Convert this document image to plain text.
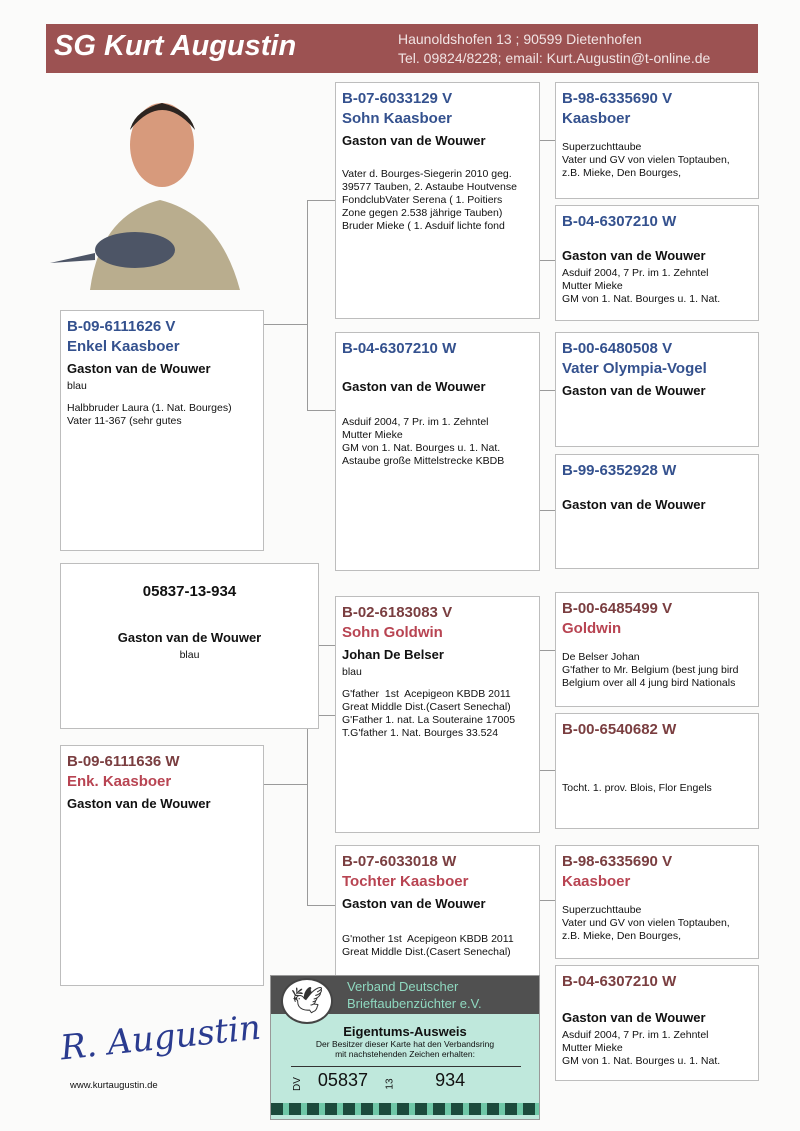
SG Kurt Augustin	Haunoldshofen 13 ; 90599 Dietenhofen
Tel. 09824/8228; email: Kurt.Augustin@t-online.de
B-09-6111626 V
Enkel Kaasboer
Gaston van de Wouwer
blau
Halbbruder Laura (1. Nat. Bourges)
Vater 11-367 (sehr gutes
05837-13-934
Gaston van de Wouwer
blau
B-09-6111636 W
Enk. Kaasboer
Gaston van de Wouwer
B-07-6033129 V
Sohn Kaasboer
Gaston van de Wouwer
Vater d. Bourges-Siegerin 2010 geg.
39577 Tauben, 2. Astaube Houtvense
FondclubVater Serena ( 1. Poitiers
Zone gegen 2.538 jährige Tauben)
Bruder Mieke ( 1. Asduif lichte fond
B-04-6307210 W
Gaston van de Wouwer
Asduif 2004, 7 Pr. im 1. Zehntel
Mutter Mieke
GM von 1. Nat. Bourges u. 1. Nat.
Astaube große Mittelstrecke KBDB
B-02-6183083 V
Sohn Goldwin
Johan De Belser
blau
G'father  1st  Acepigeon KBDB 2011
Great Middle Dist.(Casert Senechal)
G'Father 1. nat. La Souteraine 17005
T.G'father 1. Nat. Bourges 33.524
B-07-6033018 W
Tochter Kaasboer
Gaston van de Wouwer
G'mother 1st  Acepigeon KBDB 2011
Great Middle Dist.(Casert Senechal)
B-98-6335690 V
Kaasboer
Superzuchttaube
Vater und GV von vielen Toptauben,
z.B. Mieke, Den Bourges,
B-04-6307210 W
Gaston van de Wouwer
Asduif 2004, 7 Pr. im 1. Zehntel
Mutter Mieke
GM von 1. Nat. Bourges u. 1. Nat.
B-00-6480508 V
Vater Olympia-Vogel
Gaston van de Wouwer
B-99-6352928 W
Gaston van de Wouwer
B-00-6485499 V
Goldwin
De Belser Johan
G'father to Mr. Belgium (best jung bird
Belgium over all 4 jung bird Nationals
B-00-6540682 W
Tocht. 1. prov. Blois, Flor Engels
B-98-6335690 V
Kaasboer
Superzuchttaube
Vater und GV von vielen Toptauben,
z.B. Mieke, Den Bourges,
B-04-6307210 W
Gaston van de Wouwer
Asduif 2004, 7 Pr. im 1. Zehntel
Mutter Mieke
GM von 1. Nat. Bourges u. 1. Nat.
🕊	Verband Deutscher
Brieftaubenzüchter e.V.
Eigentums-Ausweis
Der Besitzer dieser Karte hat den Verbandsring
mit nachstehenden Zeichen erhalten:
DV 05837 13 934
R. Augustin
www.kurtaugustin.de
